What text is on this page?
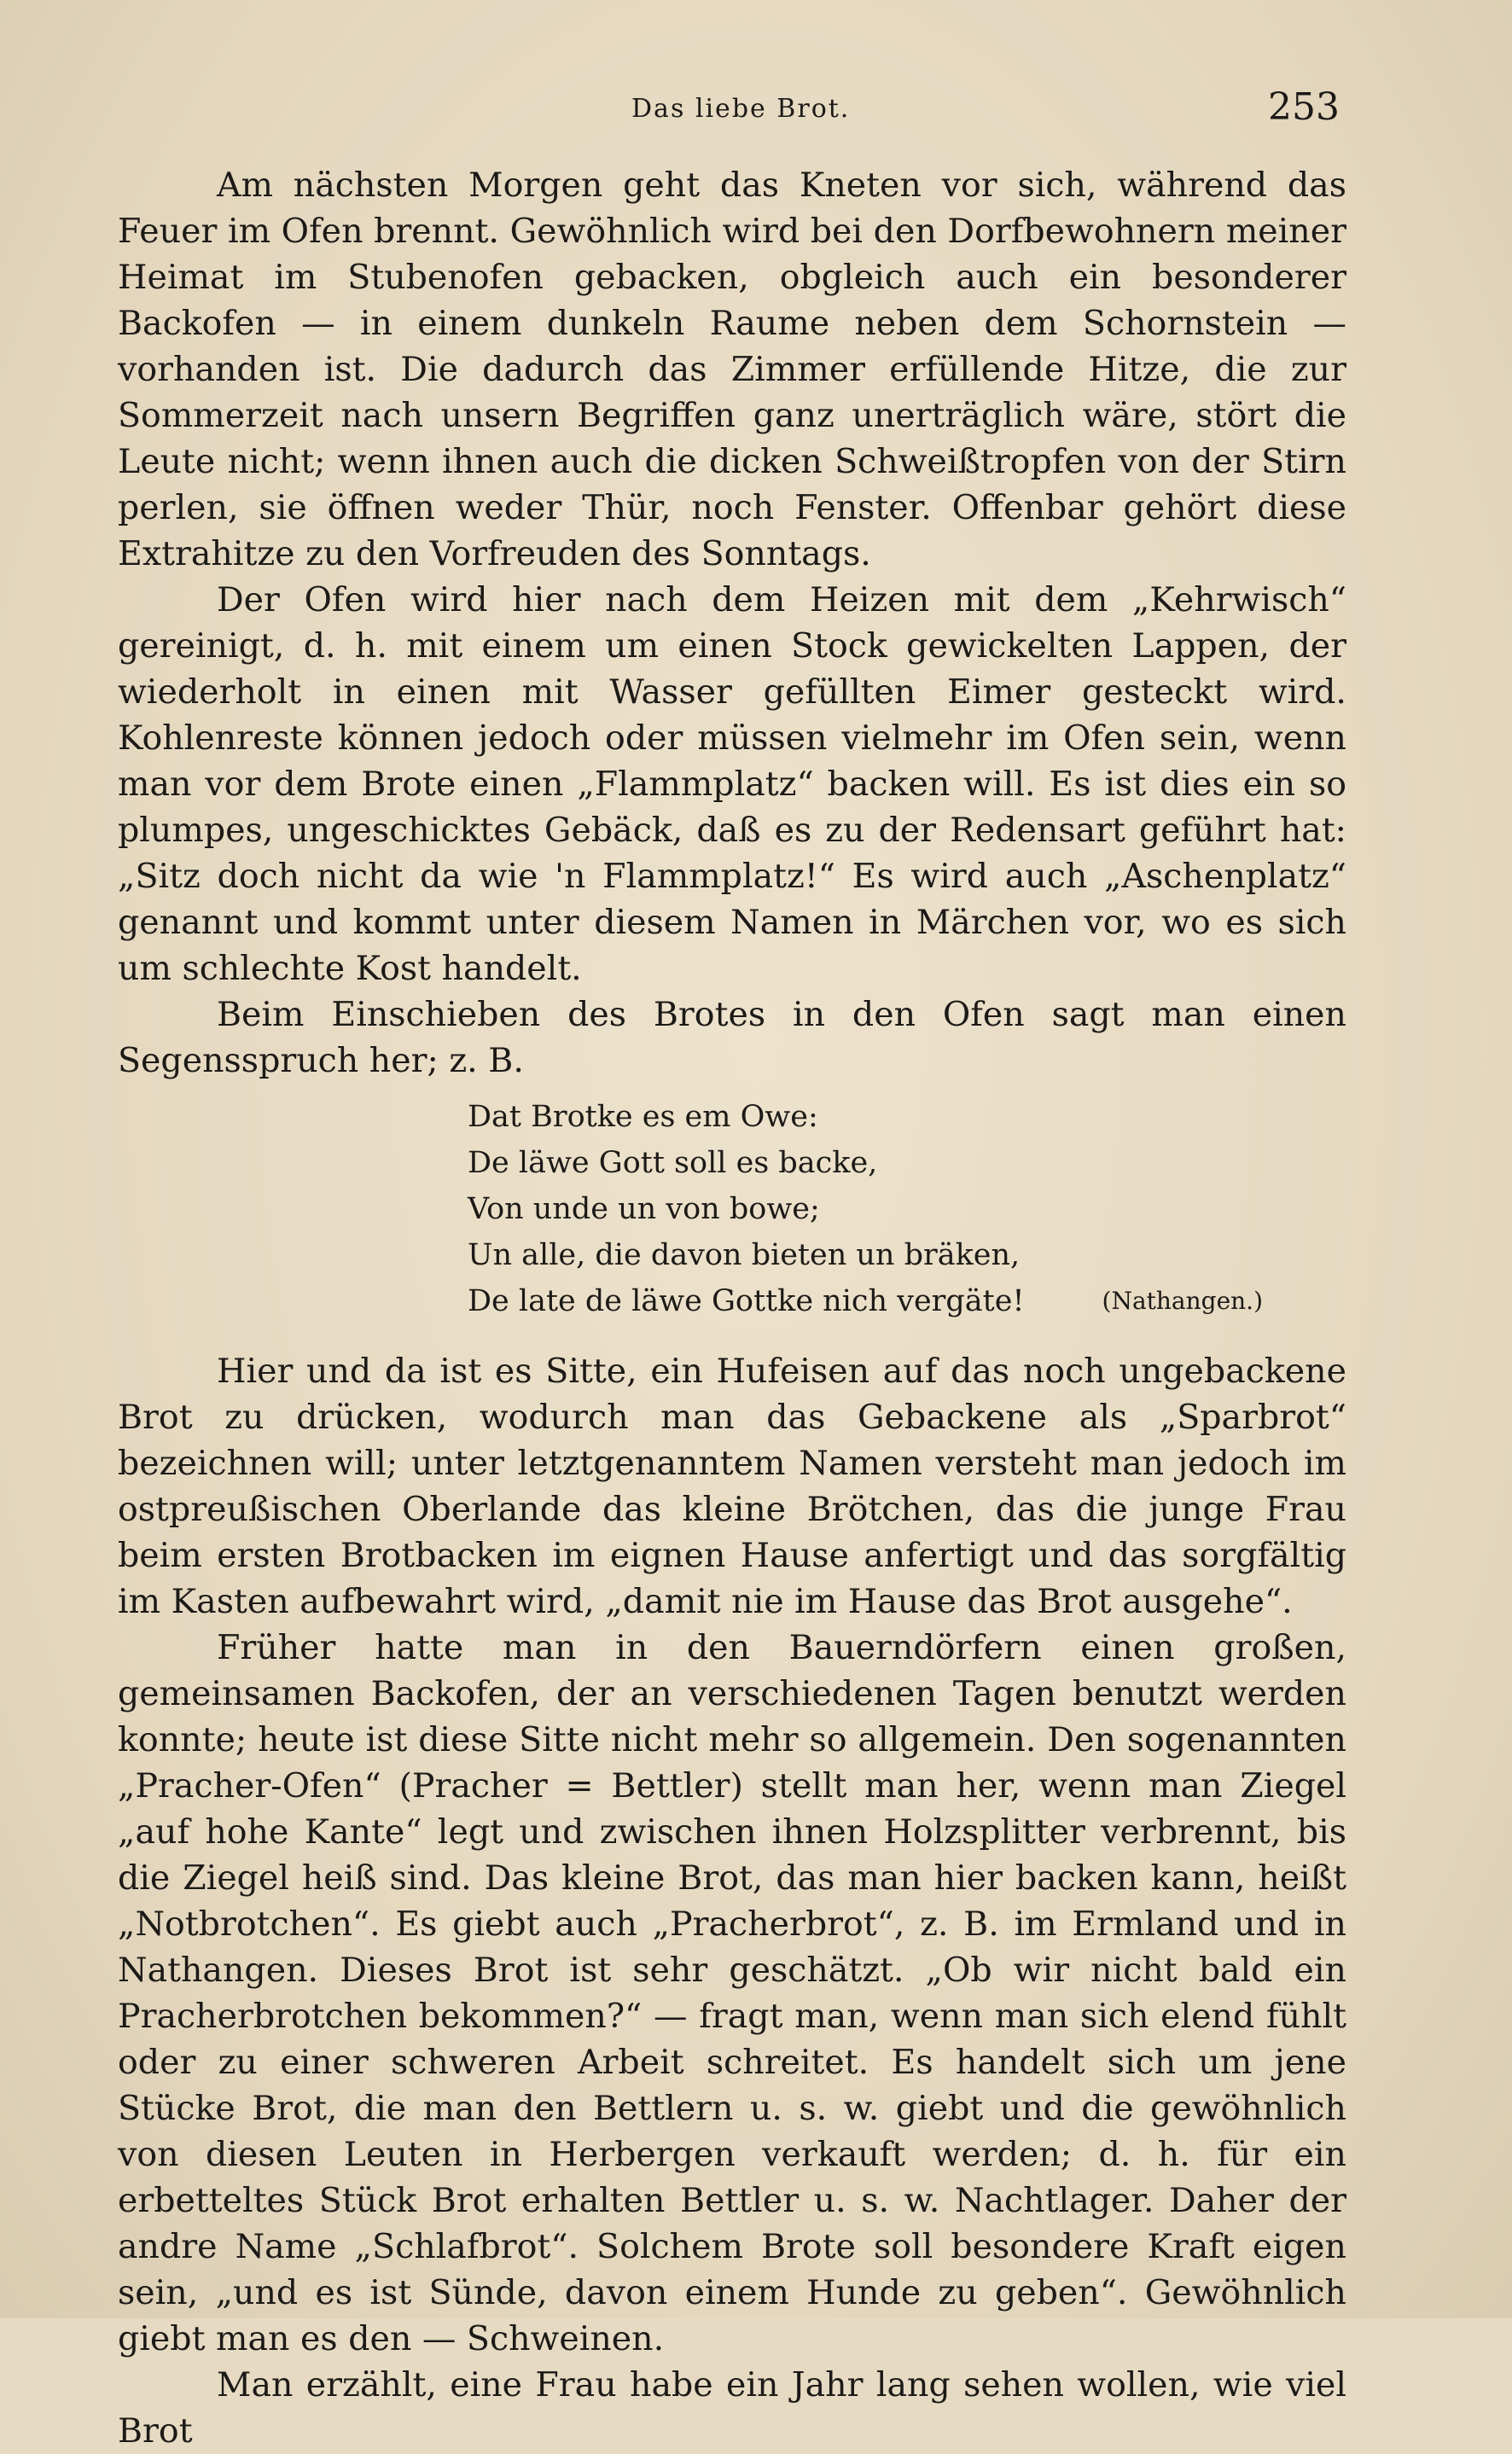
Das liebe Brot.	253

Am nächsten Morgen geht das Kneten vor sich, während das Feuer im Ofen brennt. Gewöhnlich wird bei den Dorfbewohnern meiner Heimat im Stubenofen gebacken, obgleich auch ein besonderer Backofen — in einem dunkeln Raume neben dem Schornstein — vorhanden ist. Die dadurch das Zimmer erfüllende Hitze, die zur Sommerzeit nach unsern Begriffen ganz unerträglich wäre, stört die Leute nicht; wenn ihnen auch die dicken Schweißtropfen von der Stirn perlen, sie öffnen weder Thür, noch Fenster. Offenbar gehört diese Extrahitze zu den Vorfreuden des Sonntags.

Der Ofen wird hier nach dem Heizen mit dem „Kehrwisch“ gereinigt, d. h. mit einem um einen Stock gewickelten Lappen, der wiederholt in einen mit Wasser gefüllten Eimer gesteckt wird. Kohlenreste können jedoch oder müssen vielmehr im Ofen sein, wenn man vor dem Brote einen „Flammplatz“ backen will. Es ist dies ein so plumpes, ungeschicktes Gebäck, daß es zu der Redensart geführt hat: „Sitz doch nicht da wie 'n Flammplatz!“ Es wird auch „Aschenplatz“ genannt und kommt unter diesem Namen in Märchen vor, wo es sich um schlechte Kost handelt.

Beim Einschieben des Brotes in den Ofen sagt man einen Segensspruch her; z. B.

Dat Brotke es em Owe:
De läwe Gott soll es backe,
Von unde un von bowe;
Un alle, die davon bieten un bräken,
De late de läwe Gottke nich vergäte!	(Nathangen.)

Hier und da ist es Sitte, ein Hufeisen auf das noch ungebackene Brot zu drücken, wodurch man das Gebackene als „Sparbrot“ bezeichnen will; unter letztgenanntem Namen versteht man jedoch im ostpreußischen Oberlande das kleine Brötchen, das die junge Frau beim ersten Brotbacken im eignen Hause anfertigt und das sorgfältig im Kasten aufbewahrt wird, „damit nie im Hause das Brot ausgehe“.

Früher hatte man in den Bauerndörfern einen großen, gemeinsamen Backofen, der an verschiedenen Tagen benutzt werden konnte; heute ist diese Sitte nicht mehr so allgemein. Den sogenannten „Pracher-Ofen“ (Pracher = Bettler) stellt man her, wenn man Ziegel „auf hohe Kante“ legt und zwischen ihnen Holzsplitter verbrennt, bis die Ziegel heiß sind. Das kleine Brot, das man hier backen kann, heißt „Notbrotchen“. Es giebt auch „Pracherbrot“, z. B. im Ermland und in Nathangen. Dieses Brot ist sehr geschätzt. „Ob wir nicht bald ein Pracherbrotchen bekommen?“ — fragt man, wenn man sich elend fühlt oder zu einer schweren Arbeit schreitet. Es handelt sich um jene Stücke Brot, die man den Bettlern u. s. w. giebt und die gewöhnlich von diesen Leuten in Herbergen verkauft werden; d. h. für ein erbetteltes Stück Brot erhalten Bettler u. s. w. Nachtlager. Daher der andre Name „Schlafbrot“. Solchem Brote soll besondere Kraft eigen sein, „und es ist Sünde, davon einem Hunde zu geben“. Gewöhnlich giebt man es den — Schweinen.

Man erzählt, eine Frau habe ein Jahr lang sehen wollen, wie viel Brot
